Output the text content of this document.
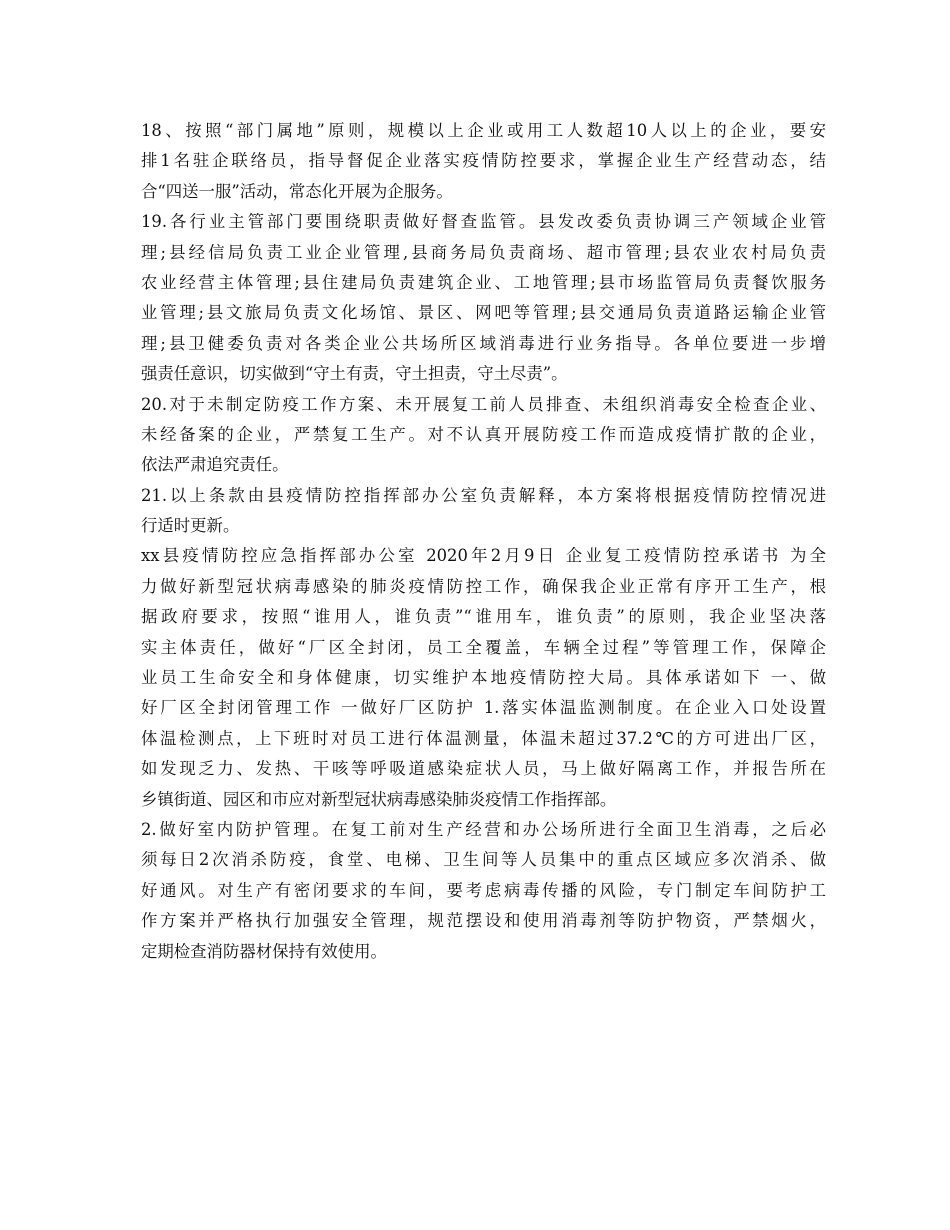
18、按照“部门属地”原则，规模以上企业或用工人数超10人以上的企业，要安
排1名驻企联络员，指导督促企业落实疫情防控要求，掌握企业生产经营动态，结
合“四送一服”活动，常态化开展为企服务。
19.各行业主管部门要围绕职责做好督查监管。县发改委负责协调三产领域企业管
理;县经信局负责工业企业管理,县商务局负责商场、超市管理;县农业农村局负责
农业经营主体管理;县住建局负责建筑企业、工地管理;县市场监管局负责餐饮服务
业管理;县文旅局负责文化场馆、景区、网吧等管理;县交通局负责道路运输企业管
理;县卫健委负责对各类企业公共场所区域消毒进行业务指导。各单位要进一步增
强责任意识，切实做到“守土有责，守土担责，守土尽责”。
20.对于未制定防疫工作方案、未开展复工前人员排查、未组织消毒安全检查企业、
未经备案的企业，严禁复工生产。对不认真开展防疫工作而造成疫情扩散的企业，
依法严肃追究责任。
21.以上条款由县疫情防控指挥部办公室负责解释，本方案将根据疫情防控情况进
行适时更新。
xx县疫情防控应急指挥部办公室 2020年2月9日 企业复工疫情防控承诺书 为全
力做好新型冠状病毒感染的肺炎疫情防控工作，确保我企业正常有序开工生产，根
据政府要求，按照“谁用人，谁负责”“谁用车，谁负责”的原则，我企业坚决落
实主体责任，做好“厂区全封闭，员工全覆盖，车辆全过程”等管理工作，保障企
业员工生命安全和身体健康，切实维护本地疫情防控大局。具体承诺如下 一、做
好厂区全封闭管理工作 一做好厂区防护 1.落实体温监测制度。在企业入口处设置
体温检测点，上下班时对员工进行体温测量，体温未超过37.2℃的方可进出厂区，
如发现乏力、发热、干咳等呼吸道感染症状人员，马上做好隔离工作，并报告所在
乡镇街道、园区和市应对新型冠状病毒感染肺炎疫情工作指挥部。
2.做好室内防护管理。在复工前对生产经营和办公场所进行全面卫生消毒，之后必
须每日2次消杀防疫，食堂、电梯、卫生间等人员集中的重点区域应多次消杀、做
好通风。对生产有密闭要求的车间，要考虑病毒传播的风险，专门制定车间防护工
作方案并严格执行加强安全管理，规范摆设和使用消毒剂等防护物资，严禁烟火，
定期检查消防器材保持有效使用。
